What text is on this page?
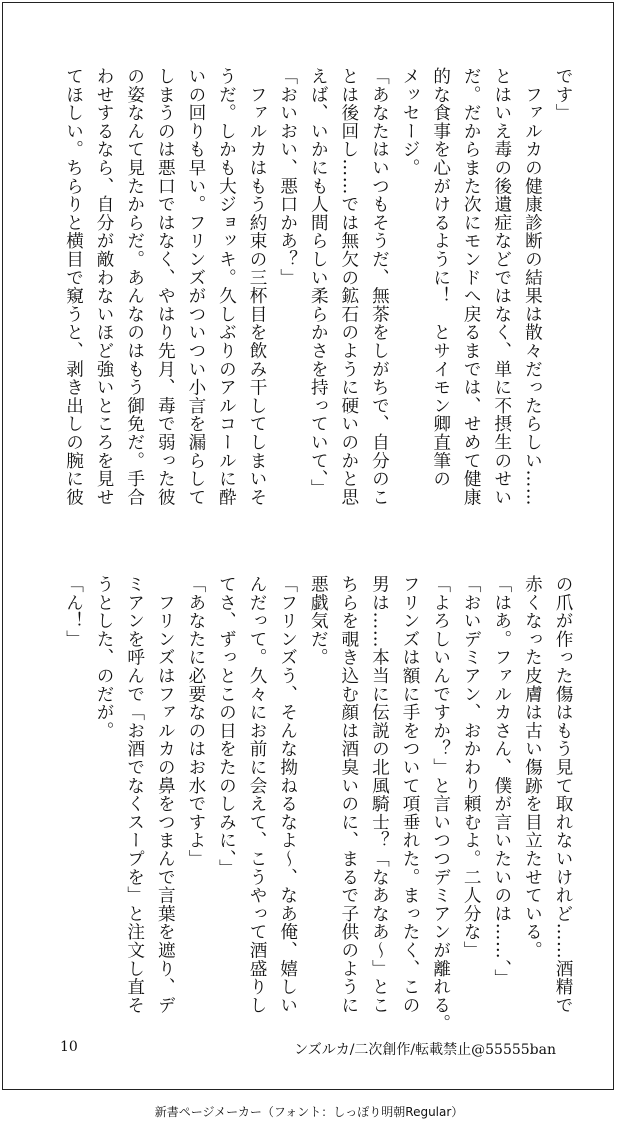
です」
　ファルカの健康診断の結果は散々だったらしい……
とはいえ毒の後遺症などではなく、単に不摂生のせい
だ。だからまた次にモンドへ戻るまでは、せめて健康
的な食事を心がけるように！　とサイモン卿直筆の
メッセージ。
「あなたはいつもそうだ、無茶をしがちで、自分のこ
とは後回し……では無欠の鉱石のように硬いのかと思
えば、いかにも人間らしい柔らかさを持っていて、」
「おいおい、悪口かあ？」
　ファルカはもう約束の三杯目を飲み干してしまいそ
うだ。しかも大ジョッキ。久しぶりのアルコールに酔
いの回りも早い。フリンズがついつい小言を漏らして
しまうのは悪口ではなく、やはり先月、毒で弱った彼
の姿なんて見たからだ。あんなのはもう御免だ。手合
わせするなら、自分が敵わないほど強いところを見せ
てほしい。ちらりと横目で窺うと、剥き出しの腕に彼
の爪が作った傷はもう見て取れないけれど……酒精で
赤くなった皮膚は古い傷跡を目立たせている。
「はあ。ファルカさん、僕が言いたいのは……、」
「おいデミアン、おかわり頼むよ。二人分な」
「よろしいんですか？」と言いつつデミアンが離れる。
フリンズは額に手をついて項垂れた。まったく、この
男は……本当に伝説の北風騎士？「なあなあ～」とこ
ちらを覗き込む顔は酒臭いのに、まるで子供のように
悪戯気だ。
「フリンズう、そんな拗ねるなよ～、なあ俺、嬉しい
んだって。久々にお前に会えて、こうやって酒盛りし
てさ、ずっとこの日をたのしみに、」
「あなたに必要なのはお水ですよ」
　フリンズはファルカの鼻をつまんで言葉を遮り、デ
ミアンを呼んで「お酒でなくスープを」と注文し直そ
うとした、のだが。
「ん！」
10	ンズルカ/二次創作/転載禁止@55555ban
新書ページメーカー（フォント：しっぽり明朝Regular）
